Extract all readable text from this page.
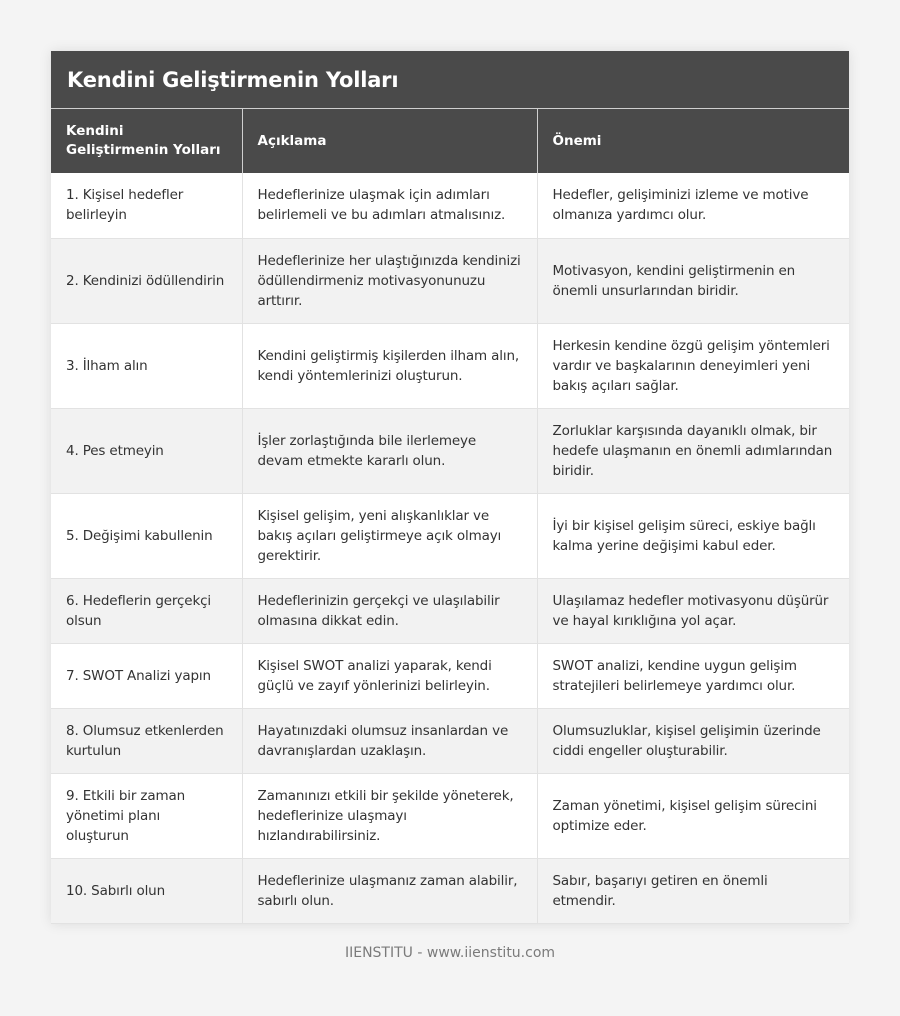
Kendini Geliştirmenin Yolları
Kendini Geliştirmenin Yolları	Açıklama	Önemi
1. Kişisel hedefler belirleyin	Hedeflerinize ulaşmak için adımları belirlemeli ve bu adımları atmalısınız.	Hedefler, gelişiminizi izleme ve motive olmanıza yardımcı olur.
2. Kendinizi ödüllendirin	Hedeflerinize her ulaştığınızda kendinizi ödüllendirmeniz motivasyonunuzu arttırır.	Motivasyon, kendini geliştirmenin en önemli unsurlarından biridir.
3. İlham alın	Kendini geliştirmiş kişilerden ilham alın, kendi yöntemlerinizi oluşturun.	Herkesin kendine özgü gelişim yöntemleri vardır ve başkalarının deneyimleri yeni bakış açıları sağlar.
4. Pes etmeyin	İşler zorlaştığında bile ilerlemeye devam etmekte kararlı olun.	Zorluklar karşısında dayanıklı olmak, bir hedefe ulaşmanın en önemli adımlarından biridir.
5. Değişimi kabullenin	Kişisel gelişim, yeni alışkanlıklar ve bakış açıları geliştirmeye açık olmayı gerektirir.	İyi bir kişisel gelişim süreci, eskiye bağlı kalma yerine değişimi kabul eder.
6. Hedeflerin gerçekçi olsun	Hedeflerinizin gerçekçi ve ulaşılabilir olmasına dikkat edin.	Ulaşılamaz hedefler motivasyonu düşürür ve hayal kırıklığına yol açar.
7. SWOT Analizi yapın	Kişisel SWOT analizi yaparak, kendi güçlü ve zayıf yönlerinizi belirleyin.	SWOT analizi, kendine uygun gelişim stratejileri belirlemeye yardımcı olur.
8. Olumsuz etkenlerden kurtulun	Hayatınızdaki olumsuz insanlardan ve davranışlardan uzaklaşın.	Olumsuzluklar, kişisel gelişimin üzerinde ciddi engeller oluşturabilir.
9. Etkili bir zaman yönetimi planı oluşturun	Zamanınızı etkili bir şekilde yöneterek, hedeflerinize ulaşmayı hızlandırabilirsiniz.	Zaman yönetimi, kişisel gelişim sürecini optimize eder.
10. Sabırlı olun	Hedeflerinize ulaşmanız zaman alabilir, sabırlı olun.	Sabır, başarıyı getiren en önemli etmendir.
IIENSTITU - www.iienstitu.com
